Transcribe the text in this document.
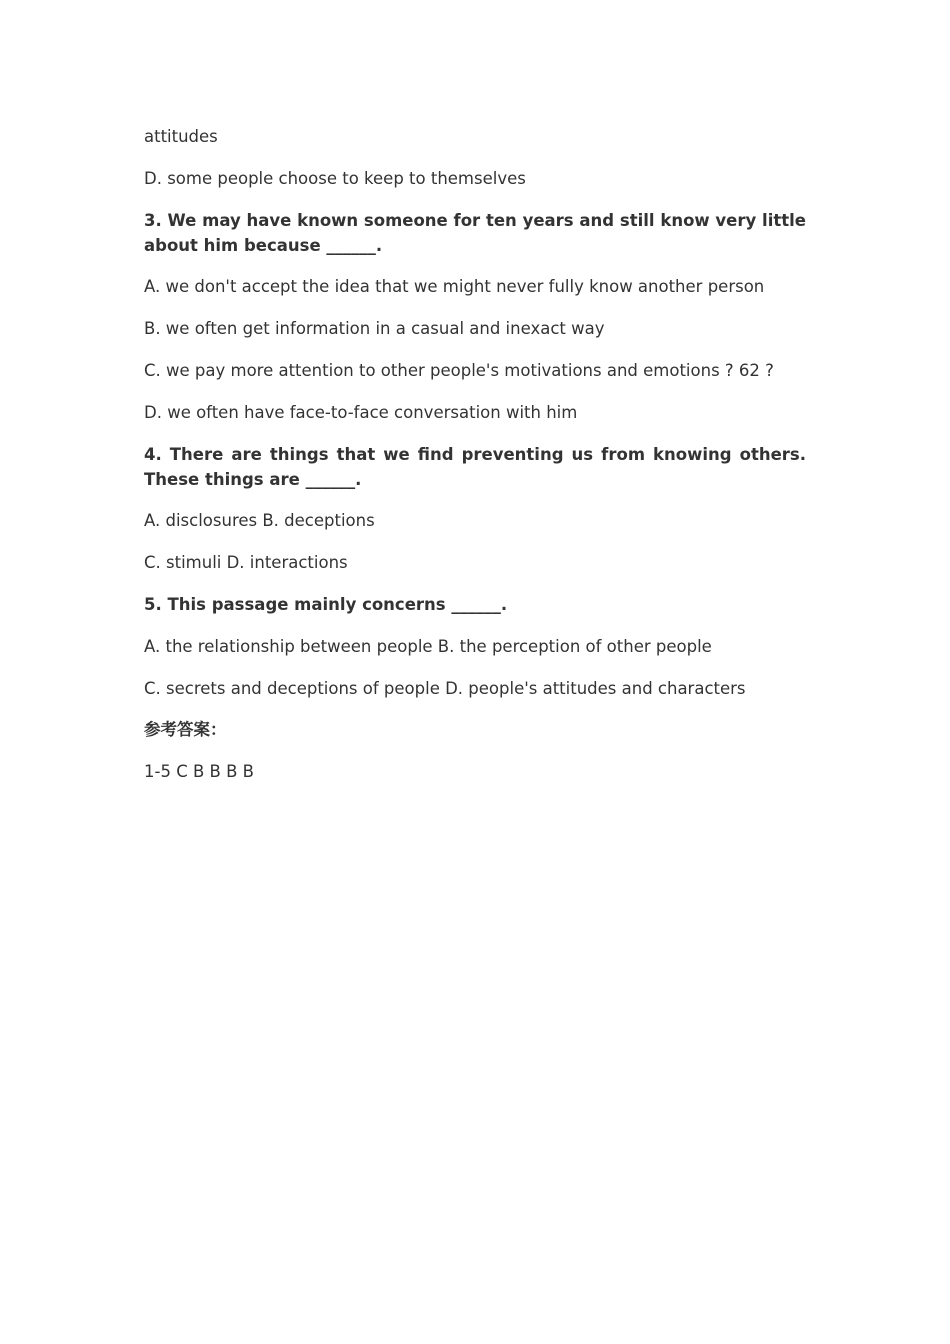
attitudes

D. some people choose to keep to themselves

3. We may have known someone for ten years and still know very little about him because ______.

A. we don't accept the idea that we might never fully know another person

B. we often get information in a casual and inexact way

C. we pay more attention to other people's motivations and emotions ? 62 ?

D. we often have face-to-face conversation with him

4. There are things that we find preventing us from knowing others. These things are ______.

A. disclosures B. deceptions

C. stimuli D. interactions

5. This passage mainly concerns ______.

A. the relationship between people B. the perception of other people

C. secrets and deceptions of people D. people's attitudes and characters

参考答案：

1-5 C B B B B
